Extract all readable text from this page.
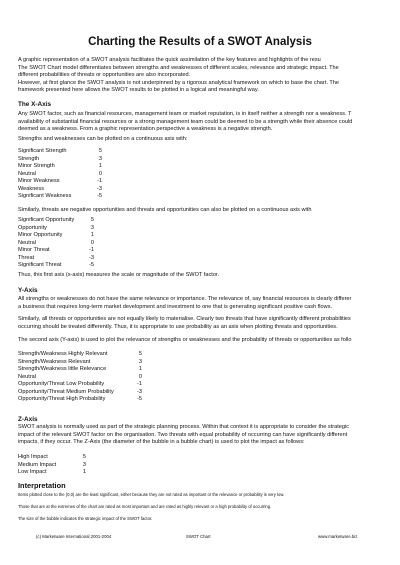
Charting the Results of a SWOT Analysis

A graphic representation of a SWOT analysis facilitates the quick assimilation of the key features and highlights of the resu

The SWOT Chart model differentiates between strengths and weaknesses of different scales, relevance and strategic impact. The

different probabilities of threats or opportunities are also incorporated.

However, at first glance the SWOT analysis is not underpinned by a rigorous analytical framework on which to base the chart. The

framework presented here allows the SWOT results to be plotted in a logical and meaningful way.

The X-Axis

Any SWOT factor, such as financial resources, management team or market reputation, is in itself neither a strength nor a weakness. T

availability of substantial financial resources or a strong management team could be deemed to be a strength while their absence could

deemed as a weakness. From a graphic representation perspective a weakness is a negative strength.

Strengths and weaknesses can be plotted on a continuous axis with:

Significant Strength	5
Strength	3
Minor Strength	1
Neutral	0
Minor Weakness	-1
Weakness	-3
Significant Weakness	-5

Similarly, threats are negative opportunities and threats and opportunities can also be plotted on a continuous axis with

Significant Opportunity	5
Opportunity	3
Minor Opportunity	1
Neutral	0
Minor Threat	-1
Threat	-3
Significant Threat	-5

Thus, this first axis (x-axis) measures the scale or magnitude of the SWOT factor.

Y-Axis

All strengths or weaknesses do not have the same relevance or importance. The relevance of, say financial resources is clearly differer

a business that requires long-term market development and investment to one that is generating significant positive cash flows.

Similarly, all threats or opportunities are not equally likely to materialise. Clearly two threats that have significantly different probabilities

occurring should be treated differently. Thus, it is appropriate to use probability as an axis when plotting threats and opportunities.

The second axis (Y-axis) is used to plot the relevance of strengths or weaknesses and the probability of threats or opportunities as follo

Strength/Weakness Highly Relevant	5
Strength/Weakness Relevant	3
Strength/Weakness little Relevance	1
Neutral	0
Opportunity/Threat Low Probability	-1
Opportunity/Threat Medium Probability	-3
Opportunity/Threat High Probability	-5
Z-Axis

SWOT analysis is normally used as part of the strategic planning process. Within that context it is appropriate to consider the strategic

impact of the relevant SWOT factor on the organisation. Two threats with equal probability of occurring can have significantly different

impacts, if they occur. The Z-Axis (the diameter of the bubble in a bubble chart) is used to plot the impact as follows:

High Impact	5
Medium Impact	3
Low Impact	1
Interpretation
Items plotted close to the (0,0) are the least significant, either because they are not rated as important or the relevance or probability is very low.
Those that are at the extremes of the chart are rated as most important and are rated as highly relevant or a high probability of occurring.
The size of the bubble indicates the strategic impact of the SWOT factor.
(c) Marketware International 2001-2004	SWOT Chart	www.marketware.biz
